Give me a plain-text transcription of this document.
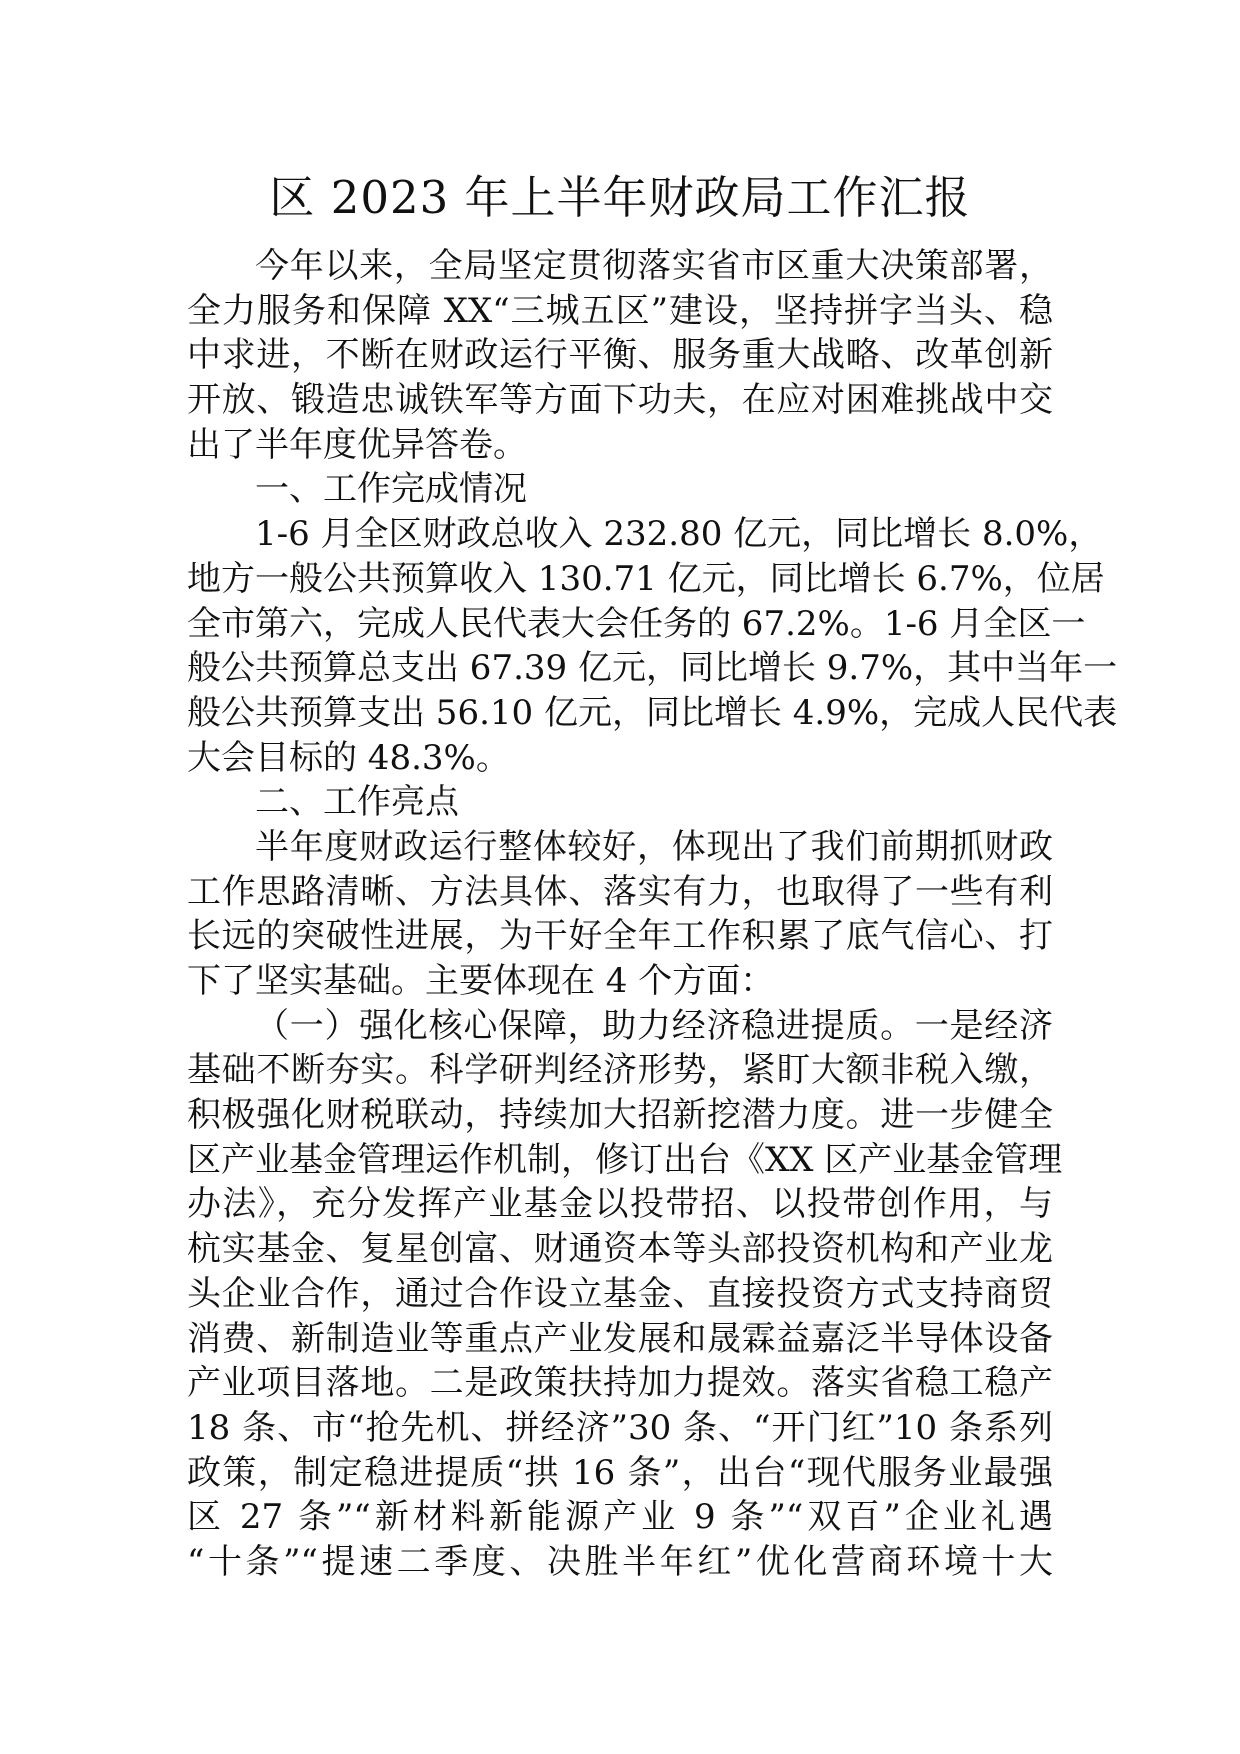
区 2023 年上半年财政局工作汇报
今年以来，全局坚定贯彻落实省市区重大决策部署，
全力服务和保障 XX“三城五区”建设，坚持拼字当头、稳
中求进，不断在财政运行平衡、服务重大战略、改革创新
开放、锻造忠诚铁军等方面下功夫，在应对困难挑战中交
出了半年度优异答卷。
一、工作完成情况
1-6 月全区财政总收入 232.80 亿元，同比增长 8.0%，
地方一般公共预算收入 130.71 亿元，同比增长 6.7%，位居
全市第六，完成人民代表大会任务的 67.2%。1-6 月全区一
般公共预算总支出 67.39 亿元，同比增长 9.7%，其中当年一
般公共预算支出 56.10 亿元，同比增长 4.9%，完成人民代表
大会目标的 48.3%。
二、工作亮点
半年度财政运行整体较好，体现出了我们前期抓财政
工作思路清晰、方法具体、落实有力，也取得了一些有利
长远的突破性进展，为干好全年工作积累了底气信心、打
下了坚实基础。主要体现在 4 个方面：
（一）强化核心保障，助力经济稳进提质。一是经济
基础不断夯实。科学研判经济形势，紧盯大额非税入缴，
积极强化财税联动，持续加大招新挖潜力度。进一步健全
区产业基金管理运作机制，修订出台《XX 区产业基金管理
办法》，充分发挥产业基金以投带招、以投带创作用，与
杭实基金、复星创富、财通资本等头部投资机构和产业龙
头企业合作，通过合作设立基金、直接投资方式支持商贸
消费、新制造业等重点产业发展和晟霖益嘉泛半导体设备
产业项目落地。二是政策扶持加力提效。落实省稳工稳产
18 条、市“抢先机、拼经济”30 条、“开门红”10 条系列
政策，制定稳进提质“拱 16 条”，出台“现代服务业最强
区 27 条”“新材料新能源产业 9 条”“双百”企业礼遇
“十条”“提速二季度、决胜半年红”优化营商环境十大
